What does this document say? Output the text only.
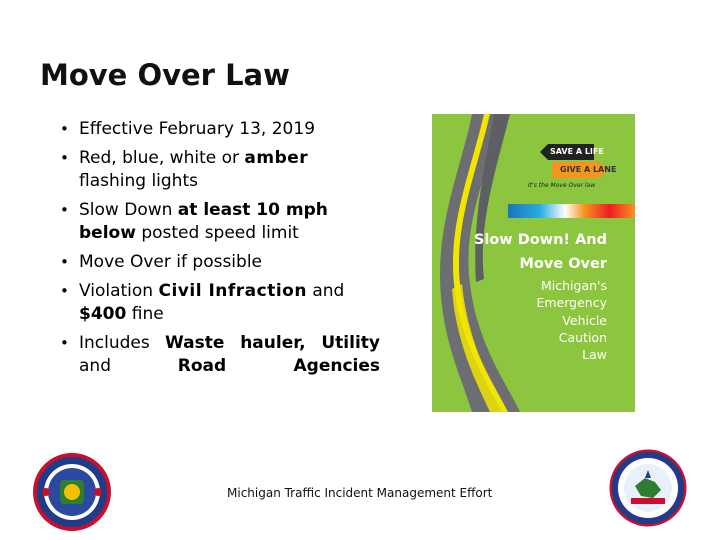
Move Over Law
• Effective February 13, 2019
• Red, blue, white or amber flashing lights
• Slow Down at least 10 mph below posted speed limit
• Move Over if possible
• Violation Civil Infraction and $400 fine
• Includes Waste hauler, Utility and Road Agencies
SAVE A LIFE
GIVE A LANE
It's the Move Over law
Slow Down! And
Move Over
Michigan's
Emergency
Vehicle
Caution
Law
Michigan Traffic Incident Management Effort
